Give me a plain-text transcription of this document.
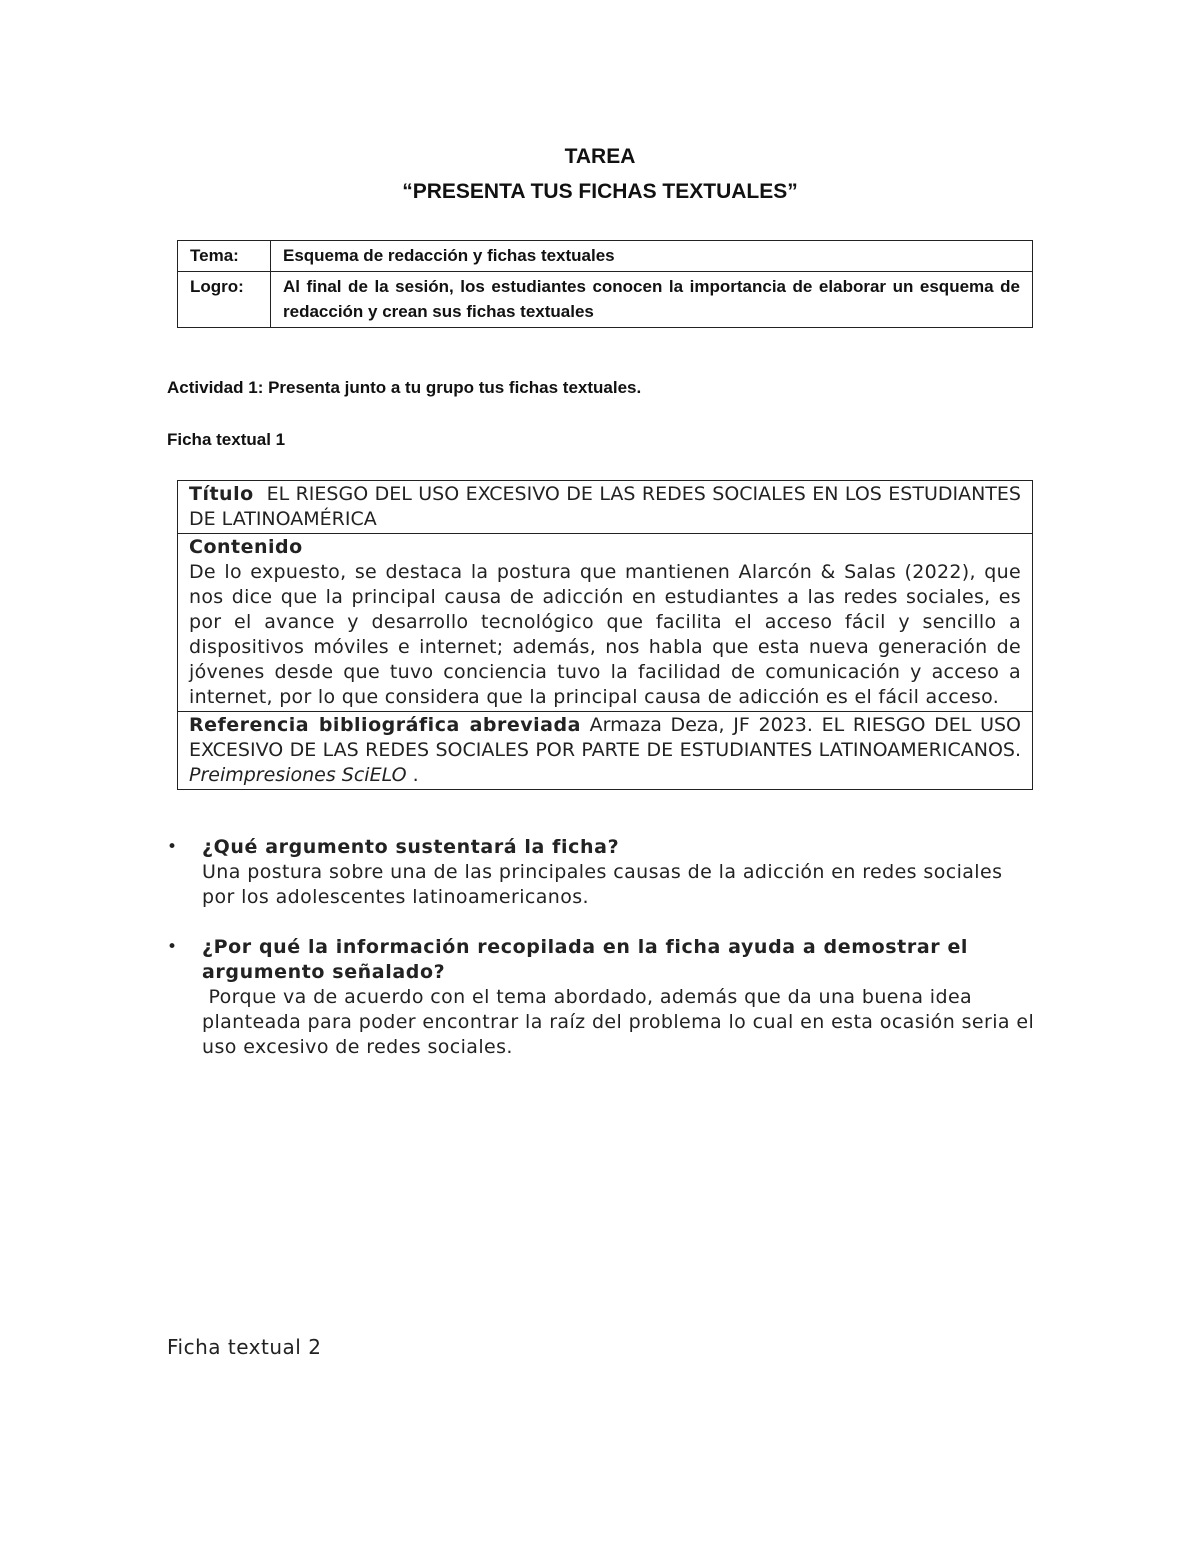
TAREA
“PRESENTA TUS FICHAS TEXTUALES”
Tema:	Esquema de redacción y fichas textuales
Logro:	Al final de la sesión, los estudiantes conocen la importancia de elaborar un esquema de redacción y crean sus fichas textuales
Actividad 1: Presenta junto a tu grupo tus fichas textuales.
Ficha textual 1
Título EL RIESGO DEL USO EXCESIVO DE LAS REDES SOCIALES EN LOS ESTUDIANTES DE LATINOAMÉRICA
Contenido
De lo expuesto, se destaca la postura que mantienen Alarcón & Salas (2022), que nos dice que la principal causa de adicción en estudiantes a las redes sociales, es por el avance y desarrollo tecnológico que facilita el acceso fácil y sencillo a dispositivos móviles e internet; además, nos habla que esta nueva generación de jóvenes desde que tuvo conciencia tuvo la facilidad de comunicación y acceso a internet, por lo que considera que la principal causa de adicción es el fácil acceso.
Referencia bibliográfica abreviada Armaza Deza, JF 2023. EL RIESGO DEL USO EXCESIVO DE LAS REDES SOCIALES POR PARTE DE ESTUDIANTES LATINOAMERICANOS. Preimpresiones SciELO .
• ¿Qué argumento sustentará la ficha?
Una postura sobre una de las principales causas de la adicción en redes sociales por los adolescentes latinoamericanos.
• ¿Por qué la información recopilada en la ficha ayuda a demostrar el argumento señalado?
Porque va de acuerdo con el tema abordado, además que da una buena idea planteada para poder encontrar la raíz del problema lo cual en esta ocasión seria el uso excesivo de redes sociales.
Ficha textual 2
